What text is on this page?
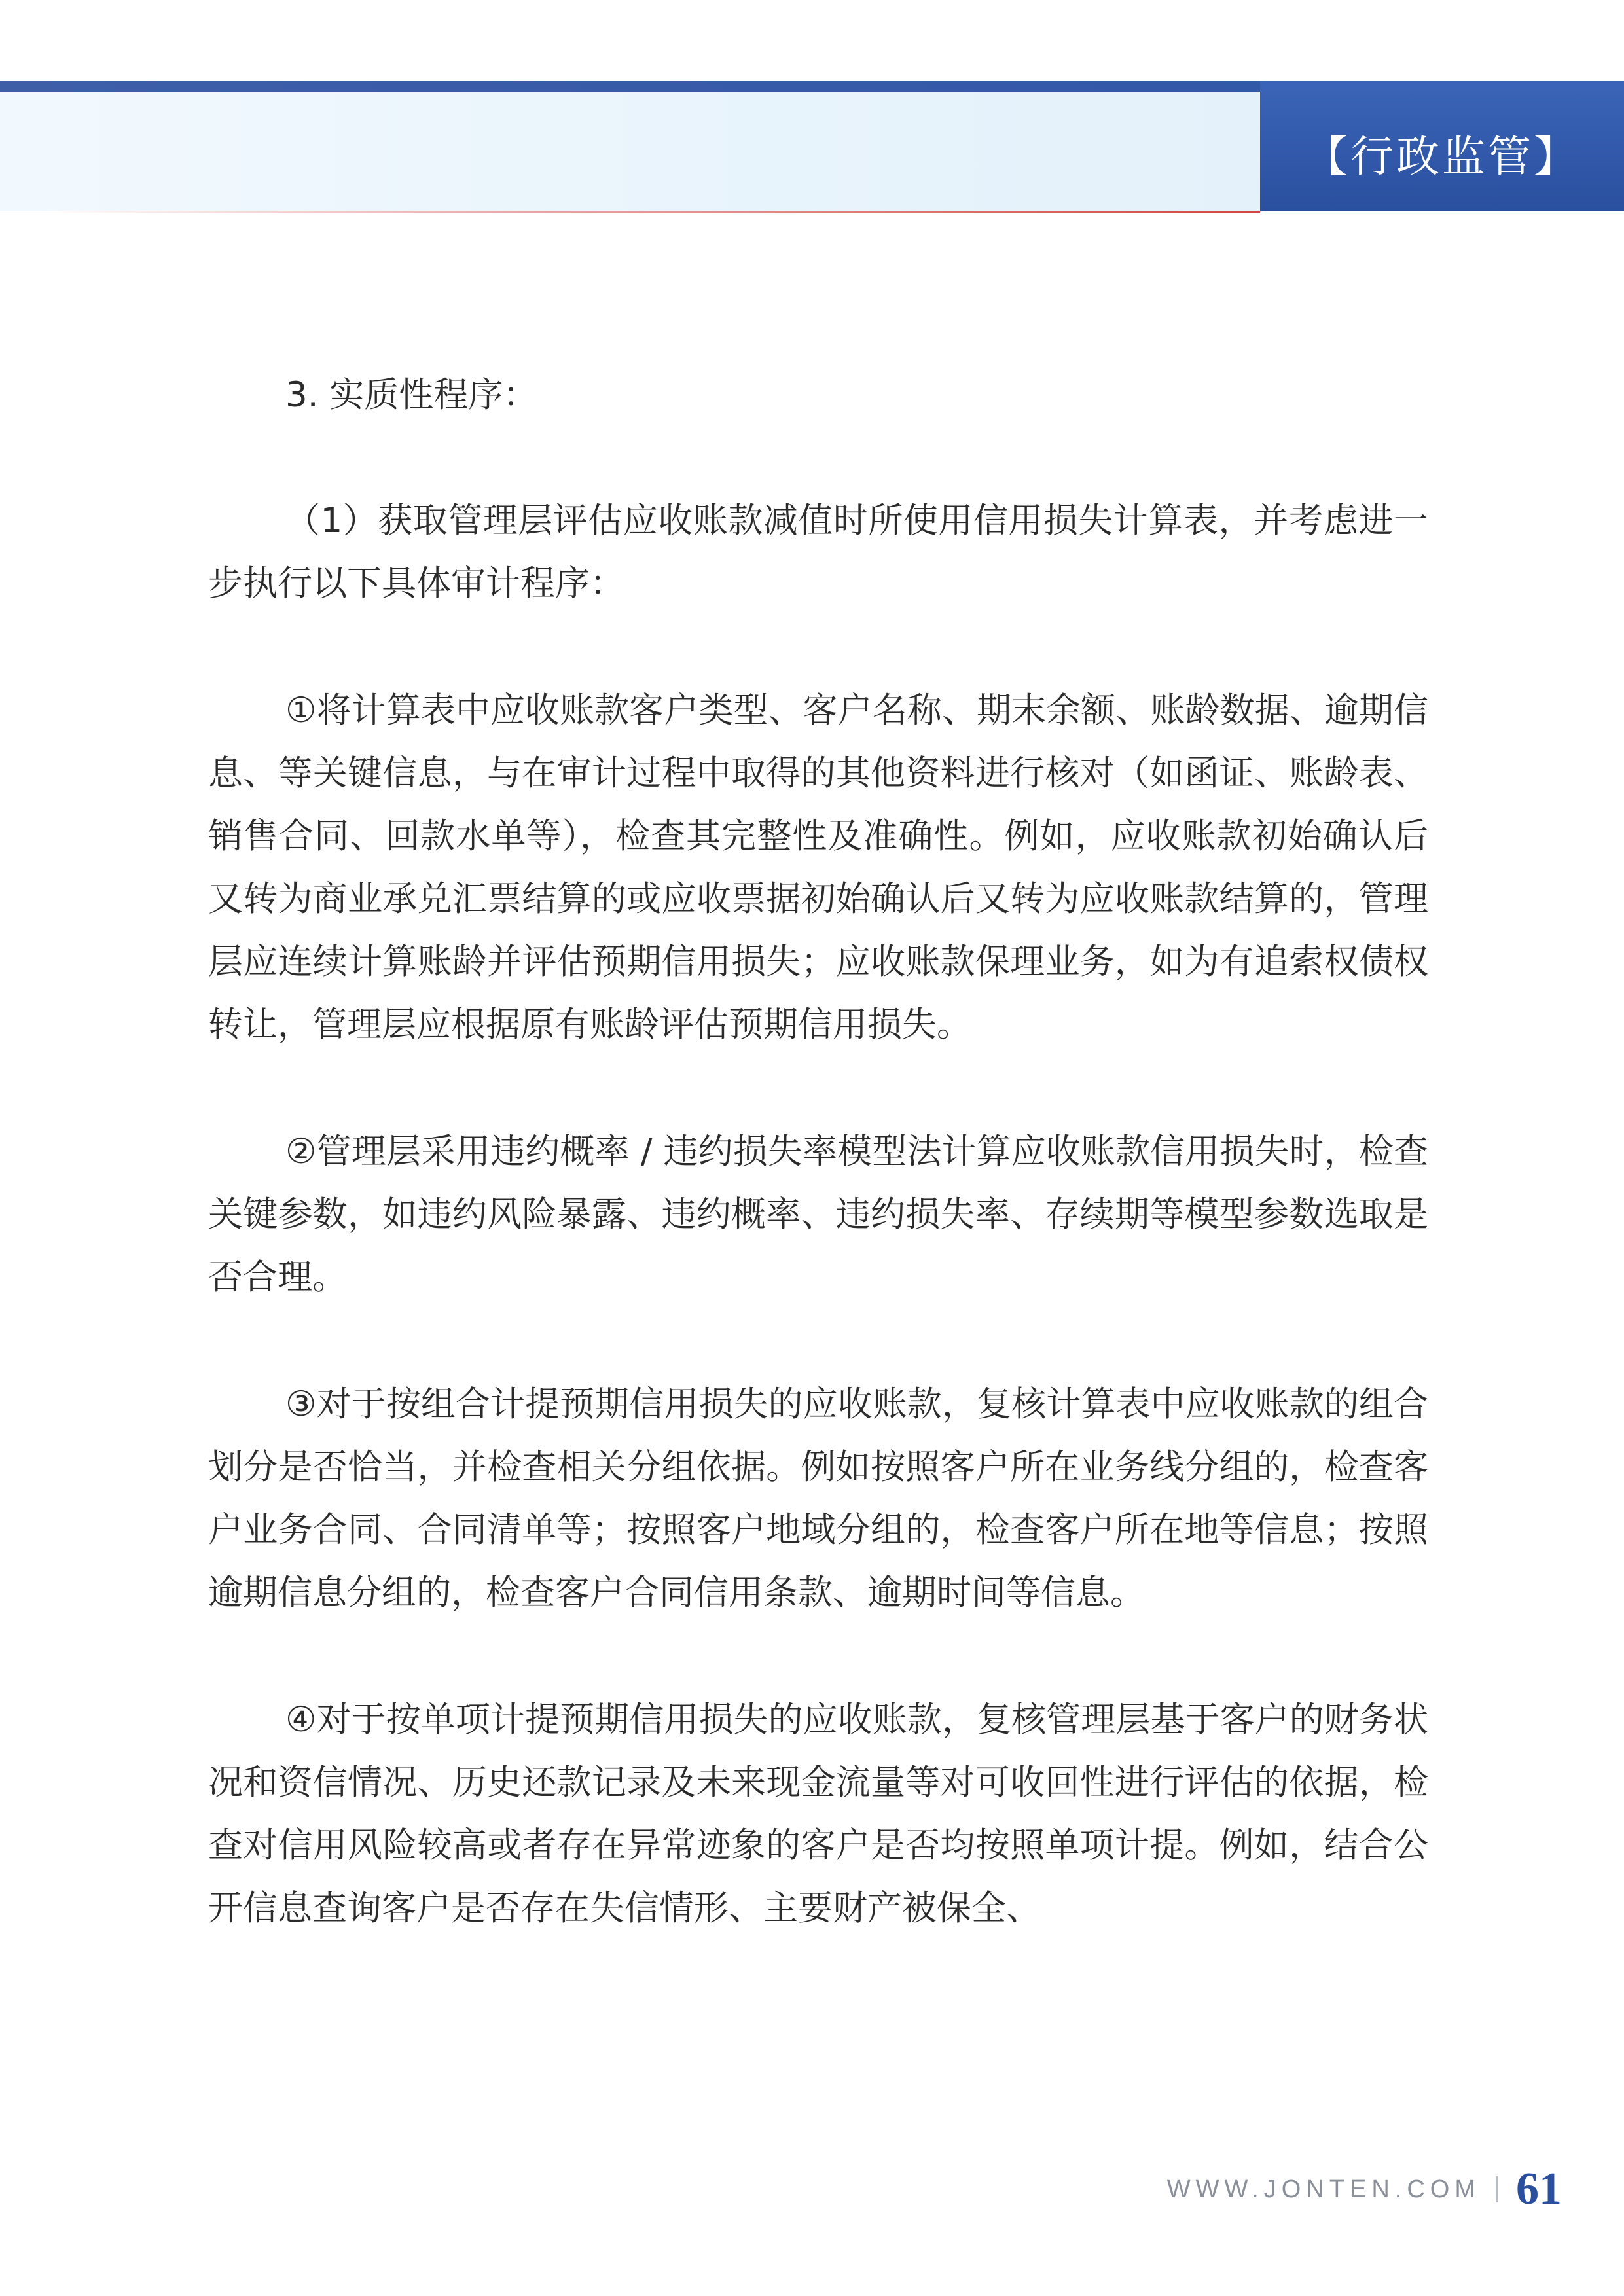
【行政监管】

3. 实质性程序：

（1）获取管理层评估应收账款减值时所使用信用损失计算表，并考虑进一步执行以下具体审计程序：

①将计算表中应收账款客户类型、客户名称、期末余额、账龄数据、逾期信息、等关键信息，与在审计过程中取得的其他资料进行核对（如函证、账龄表、销售合同、回款水单等），检查其完整性及准确性。例如，应收账款初始确认后又转为商业承兑汇票结算的或应收票据初始确认后又转为应收账款结算的，管理层应连续计算账龄并评估预期信用损失；应收账款保理业务，如为有追索权债权转让，管理层应根据原有账龄评估预期信用损失。

②管理层采用违约概率 / 违约损失率模型法计算应收账款信用损失时，检查关键参数，如违约风险暴露、违约概率、违约损失率、存续期等模型参数选取是否合理。

③对于按组合计提预期信用损失的应收账款，复核计算表中应收账款的组合划分是否恰当，并检查相关分组依据。例如按照客户所在业务线分组的，检查客户业务合同、合同清单等；按照客户地域分组的，检查客户所在地等信息；按照逾期信息分组的，检查客户合同信用条款、逾期时间等信息。

④对于按单项计提预期信用损失的应收账款，复核管理层基于客户的财务状况和资信情况、历史还款记录及未来现金流量等对可收回性进行评估的依据，检查对信用风险较高或者存在异常迹象的客户是否均按照单项计提。例如，结合公开信息查询客户是否存在失信情形、主要财产被保全、

WWW.JONTEN.COM 61
